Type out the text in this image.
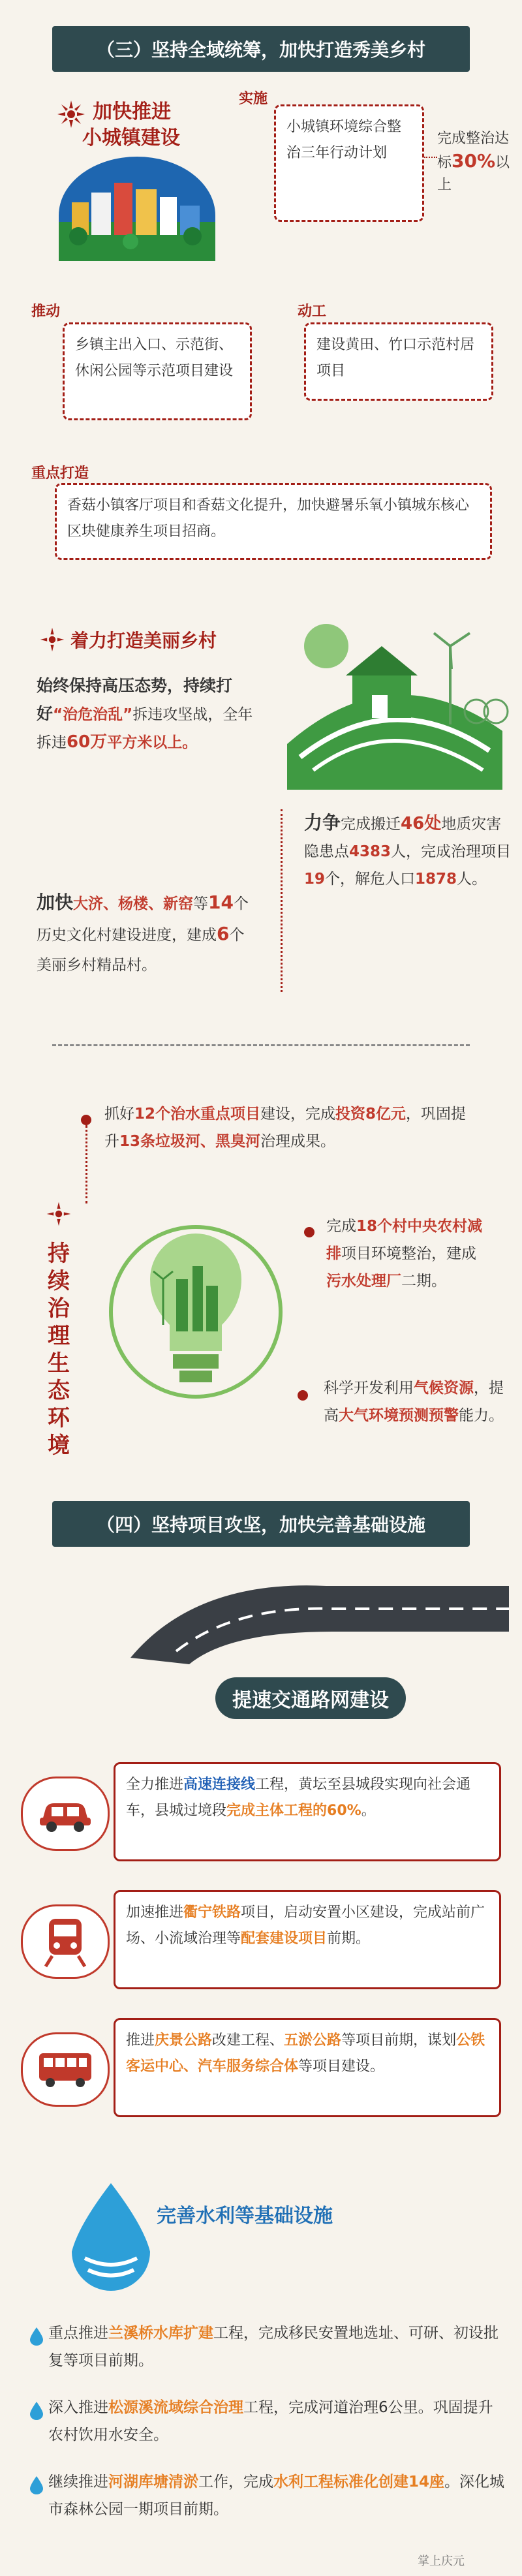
（三）坚持全域统筹，加快打造秀美乡村
加快推进
小城镇建设
实施
小城镇环境综合整治三年行动计划
完成整治达标30%以上
推动
乡镇主出入口、示范街、休闲公园等示范项目建设
动工
建设黄田、竹口示范村居项目
重点打造
香菇小镇客厅项目和香菇文化提升，加快避暑乐氧小镇城东核心区块健康养生项目招商。
着力打造美丽乡村
始终保持高压态势，持续打好“治危治乱”拆违攻坚战，全年拆违60万平方米以上。
力争完成搬迁46处地质灾害隐患点4383人，完成治理项目19个，解危人口1878人。
加快大济、杨楼、新窑等14个历史文化村建设进度，建成6个美丽乡村精品村。
持续治理生态环境
抓好12个治水重点项目建设，完成投资8亿元，巩固提升13条垃圾河、黑臭河治理成果。
完成18个村中央农村减排项目环境整治，建成污水处理厂二期。
科学开发利用气候资源，提高大气环境预测预警能力。
（四）坚持项目攻坚，加快完善基础设施
提速交通路网建设
全力推进高速连接线工程，黄坛至县城段实现向社会通车，县城过境段完成主体工程的60%。
加速推进衢宁铁路项目，启动安置小区建设，完成站前广场、小流域治理等配套建设项目前期。
推进庆景公路改建工程、五淤公路等项目前期，谋划公铁客运中心、汽车服务综合体等项目建设。
完善水利等基础设施
重点推进兰溪桥水库扩建工程，完成移民安置地选址、可研、初设批复等项目前期。
深入推进松源溪流域综合治理工程，完成河道治理6公里。巩固提升农村饮用水安全。
继续推进河湖库塘清淤工作，完成水利工程标准化创建14座。深化城市森林公园一期项目前期。
掌上庆元
